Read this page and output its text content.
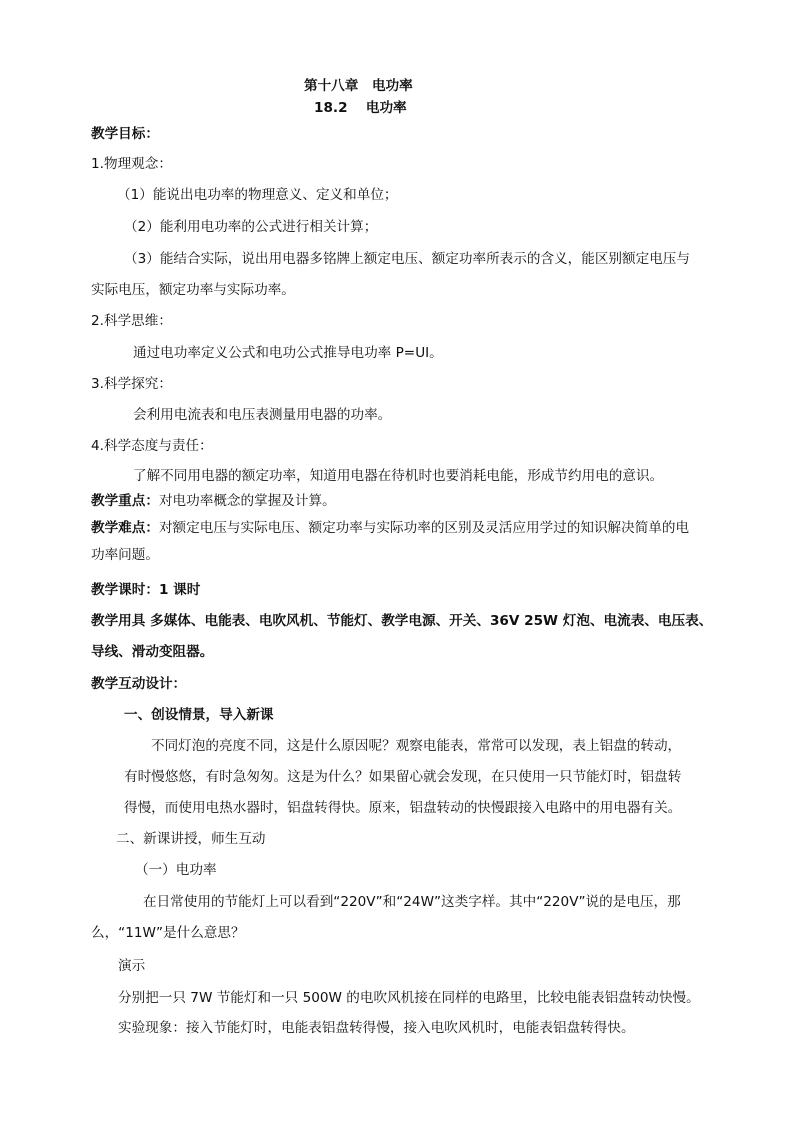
第十八章　电功率
18.2　 电功率
教学目标：
1.物理观念：
（1）能说出电功率的物理意义、定义和单位；
（2）能利用电功率的公式进行相关计算；
（3）能结合实际，说出用电器多铭牌上额定电压、额定功率所表示的含义，能区别额定电压与
实际电压，额定功率与实际功率。
2.科学思维：
通过电功率定义公式和电功公式推导电功率 P=UI。
3.科学探究：
会利用电流表和电压表测量用电器的功率。
4.科学态度与责任：
了解不同用电器的额定功率，知道用电器在待机时也要消耗电能，形成节约用电的意识。
教学重点：对电功率概念的掌握及计算。
教学难点：对额定电压与实际电压、额定功率与实际功率的区别及灵活应用学过的知识解决简单的电
功率问题。
教学课时：1 课时
教学用具 多媒体、电能表、电吹风机、节能灯、教学电源、开关、36V 25W 灯泡、电流表、电压表、
导线、滑动变阻器。
教学互动设计：
一、创设情景，导入新课
不同灯泡的亮度不同，这是什么原因呢？观察电能表，常常可以发现，表上铝盘的转动，
有时慢悠悠，有时急匆匆。这是为什么？如果留心就会发现，在只使用一只节能灯时，铝盘转
得慢，而使用电热水器时，铝盘转得快。原来，铝盘转动的快慢跟接入电路中的用电器有关。
二、新课讲授，师生互动
（一）电功率
在日常使用的节能灯上可以看到“220V”和“24W”这类字样。其中“220V”说的是电压，那
么，“11W”是什么意思？
演示
分别把一只 7W 节能灯和一只 500W 的电吹风机接在同样的电路里，比较电能表铝盘转动快慢。
实验现象：接入节能灯时，电能表铝盘转得慢，接入电吹风机时，电能表铝盘转得快。
